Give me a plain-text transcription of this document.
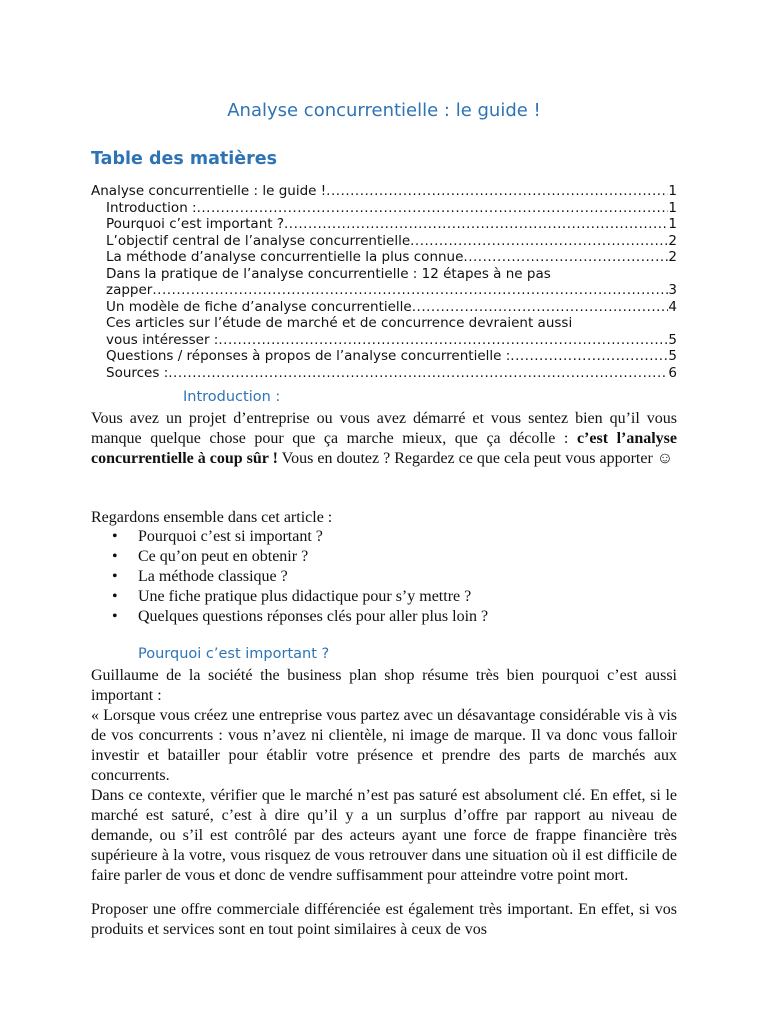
Analyse concurrentielle : le guide !
Table des matières
Analyse concurrentielle : le guide ! .....	1
Introduction : .....	1
Pourquoi c’est important ? .....	1
L’objectif central de l’analyse concurrentielle .....	2
La méthode d’analyse concurrentielle la plus connue .....	2
Dans la pratique de l’analyse concurrentielle : 12 étapes à ne pas
zapper .....	3
Un modèle de fiche d’analyse concurrentielle .....	4
Ces articles sur l’étude de marché et de concurrence devraient aussi
vous intéresser : .....	5
Questions / réponses à propos de l’analyse concurrentielle : .....	5
Sources : .....	6
Introduction :
Vous avez un projet d’entreprise ou vous avez démarré et vous sentez bien qu’il vous manque quelque chose pour que ça marche mieux, que ça décolle : c’est l’analyse concurrentielle à coup sûr ! Vous en doutez ? Regardez ce que cela peut vous apporter ☺
Regardons ensemble dans cet article :
• Pourquoi c’est si important ?
• Ce qu’on peut en obtenir ?
• La méthode classique ?
• Une fiche pratique plus didactique pour s’y mettre ?
• Quelques questions réponses clés pour aller plus loin ?
Pourquoi c’est important ?
Guillaume de la société the business plan shop résume très bien pourquoi c’est aussi important :
« Lorsque vous créez une entreprise vous partez avec un désavantage considérable vis à vis de vos concurrents : vous n’avez ni clientèle, ni image de marque. Il va donc vous falloir investir et batailler pour établir votre présence et prendre des parts de marchés aux concurrents.
Dans ce contexte, vérifier que le marché n’est pas saturé est absolument clé. En effet, si le marché est saturé, c’est à dire qu’il y a un surplus d’offre par rapport au niveau de demande, ou s’il est contrôlé par des acteurs ayant une force de frappe financière très supérieure à la votre, vous risquez de vous retrouver dans une situation où il est difficile de faire parler de vous et donc de vendre suffisamment pour atteindre votre point mort.
Proposer une offre commerciale différenciée est également très important. En effet, si vos produits et services sont en tout point similaires à ceux de vos
